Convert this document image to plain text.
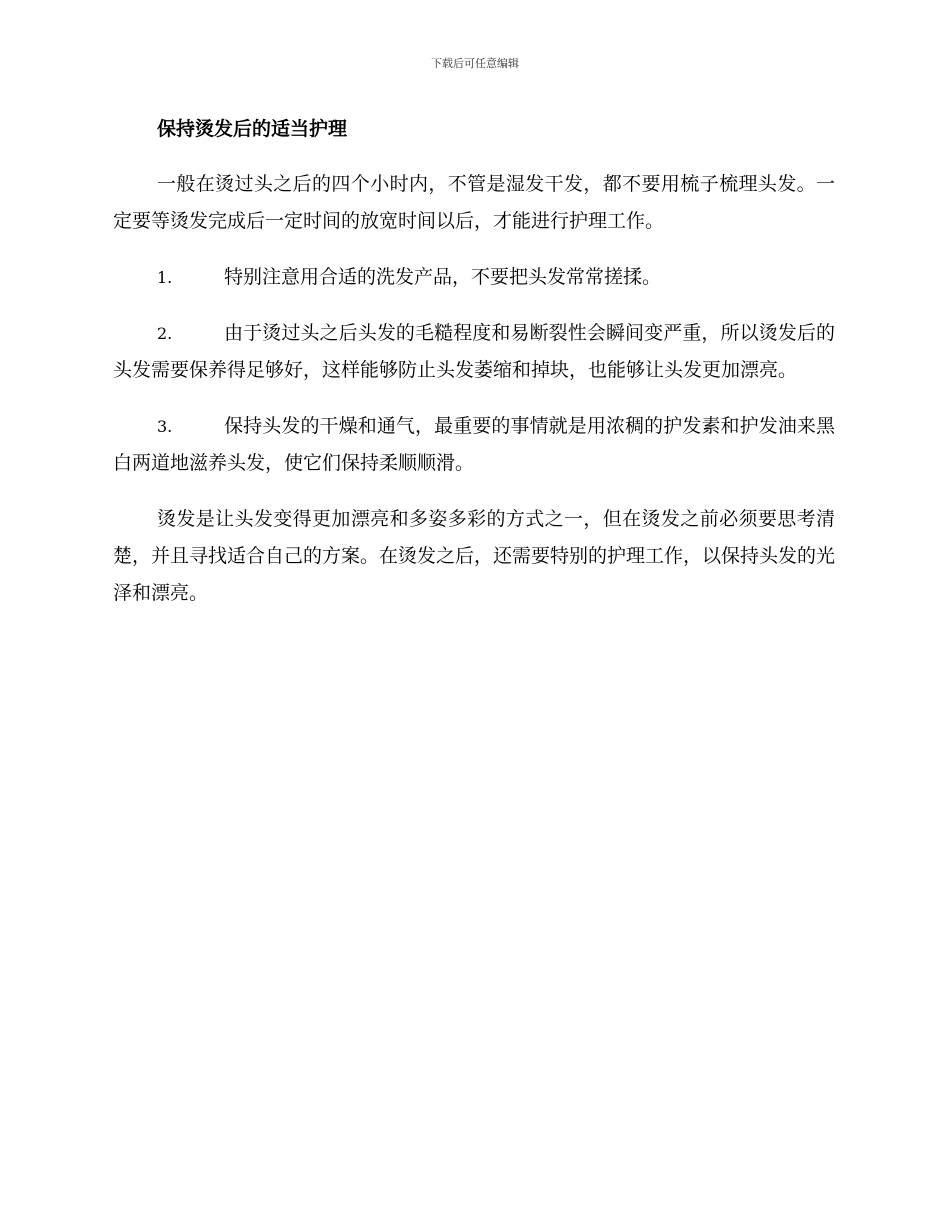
下载后可任意编辑
保持烫发后的适当护理

一般在烫过头之后的四个小时内，不管是湿发干发，都不要用梳子梳理头发。一定要等烫发完成后一定时间的放宽时间以后，才能进行护理工作。

1.	特别注意用合适的洗发产品，不要把头发常常搓揉。

2.	由于烫过头之后头发的毛糙程度和易断裂性会瞬间变严重，所以烫发后的头发需要保养得足够好，这样能够防止头发萎缩和掉块，也能够让头发更加漂亮。

3.	保持头发的干燥和通气，最重要的事情就是用浓稠的护发素和护发油来黑白两道地滋养头发，使它们保持柔顺顺滑。

烫发是让头发变得更加漂亮和多姿多彩的方式之一，但在烫发之前必须要思考清楚，并且寻找适合自己的方案。在烫发之后，还需要特别的护理工作，以保持头发的光泽和漂亮。
